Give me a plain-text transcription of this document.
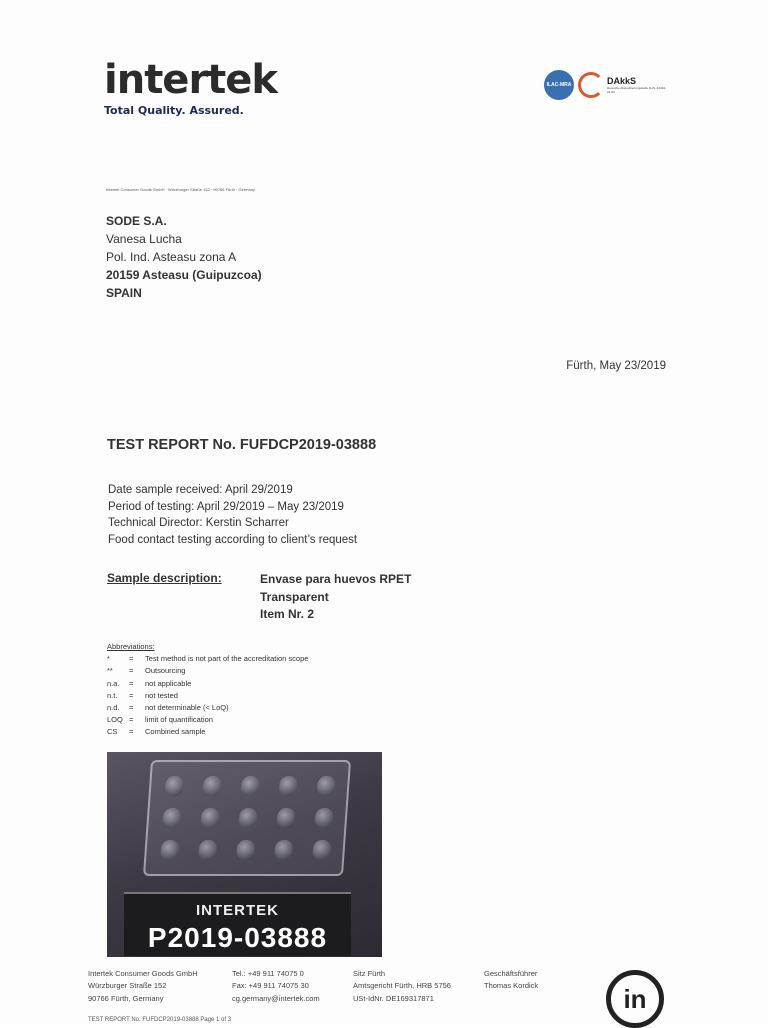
intertek
Total Quality. Assured.
ILAC-MRA	DAkkS
Deutsche Akkreditierungsstelle D-PL-14434-01-00
Intertek Consumer Goods GmbH · Würzburger Straße 152 · 90766 Fürth · Germany
SODE S.A.
Vanesa Lucha
Pol. Ind. Asteasu zona A
20159 Asteasu (Guipuzcoa)
SPAIN
Fürth, May 23/2019
TEST REPORT No. FUFDCP2019-03888
Date sample received: April 29/2019
Period of testing: April 29/2019 – May 23/2019
Technical Director: Kerstin Scharrer
Food contact testing according to client’s request
Sample description:	Envase para huevos RPET
Transparent
Item Nr. 2
Abbreviations:
*	=	Test method is not part of the accreditation scope
**	=	Outsourcing
n.a.	=	not applicable
n.t.	=	not tested
n.d.	=	not determinable (< LoQ)
LOQ =	limit of quantification
CS	=	Combined sample
INTERTEK
P2019-03888
Intertek Consumer Goods GmbH
Würzburger Straße 152
90766 Fürth, Germany
Tel.: +49 911 74075 0
Fax: +49 911 74075 30
cg.germany@intertek.com
Sitz Fürth
Amtsgericht Fürth, HRB 5756
USt-IdNr. DE169317871
Geschäftsführer
Thomas Kordick	in
TEST REPORT No. FUFDCP2019-03888 Page 1 of 3
